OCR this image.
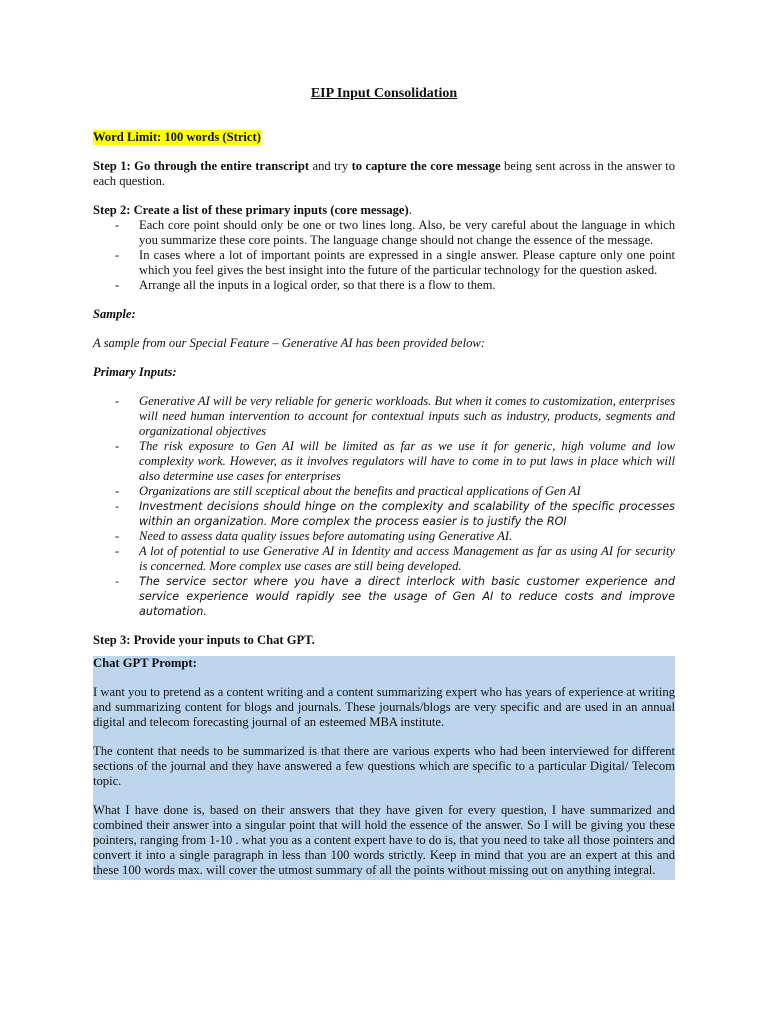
EIP Input Consolidation
Word Limit: 100 words (Strict)

Step 1: Go through the entire transcript and try to capture the core message being sent across in the answer to each question.

Step 2: Create a list of these primary inputs (core message).
- Each core point should only be one or two lines long. Also, be very careful about the language in which you summarize these core points. The language change should not change the essence of the message.
- In cases where a lot of important points are expressed in a single answer. Please capture only one point which you feel gives the best insight into the future of the particular technology for the question asked.
- Arrange all the inputs in a logical order, so that there is a flow to them.

Sample:

A sample from our Special Feature – Generative AI has been provided below:

Primary Inputs:

- Generative AI will be very reliable for generic workloads. But when it comes to customization, enterprises will need human intervention to account for contextual inputs such as industry, products, segments and organizational objectives
- The risk exposure to Gen AI will be limited as far as we use it for generic, high volume and low complexity work. However, as it involves regulators will have to come in to put laws in place which will also determine use cases for enterprises
- Organizations are still sceptical about the benefits and practical applications of Gen AI
- Investment decisions should hinge on the complexity and scalability of the specific processes within an organization. More complex the process easier is to justify the ROI
- Need to assess data quality issues before automating using Generative AI.
- A lot of potential to use Generative AI in Identity and access Management as far as using AI for security is concerned. More complex use cases are still being developed.
- The service sector where you have a direct interlock with basic customer experience and service experience would rapidly see the usage of Gen AI to reduce costs and improve automation.

Step 3: Provide your inputs to Chat GPT.

Chat GPT Prompt:

I want you to pretend as a content writing and a content summarizing expert who has years of experience at writing and summarizing content for blogs and journals. These journals/blogs are very specific and are used in an annual digital and telecom forecasting journal of an esteemed MBA institute.

The content that needs to be summarized is that there are various experts who had been interviewed for different sections of the journal and they have answered a few questions which are specific to a particular Digital/ Telecom topic.

What I have done is, based on their answers that they have given for every question, I have summarized and combined their answer into a singular point that will hold the essence of the answer. So I will be giving you these pointers, ranging from 1-10 . what you as a content expert have to do is, that you need to take all those pointers and convert it into a single paragraph in less than 100 words strictly. Keep in mind that you are an expert at this and these 100 words max. will cover the utmost summary of all the points without missing out on anything integral.
